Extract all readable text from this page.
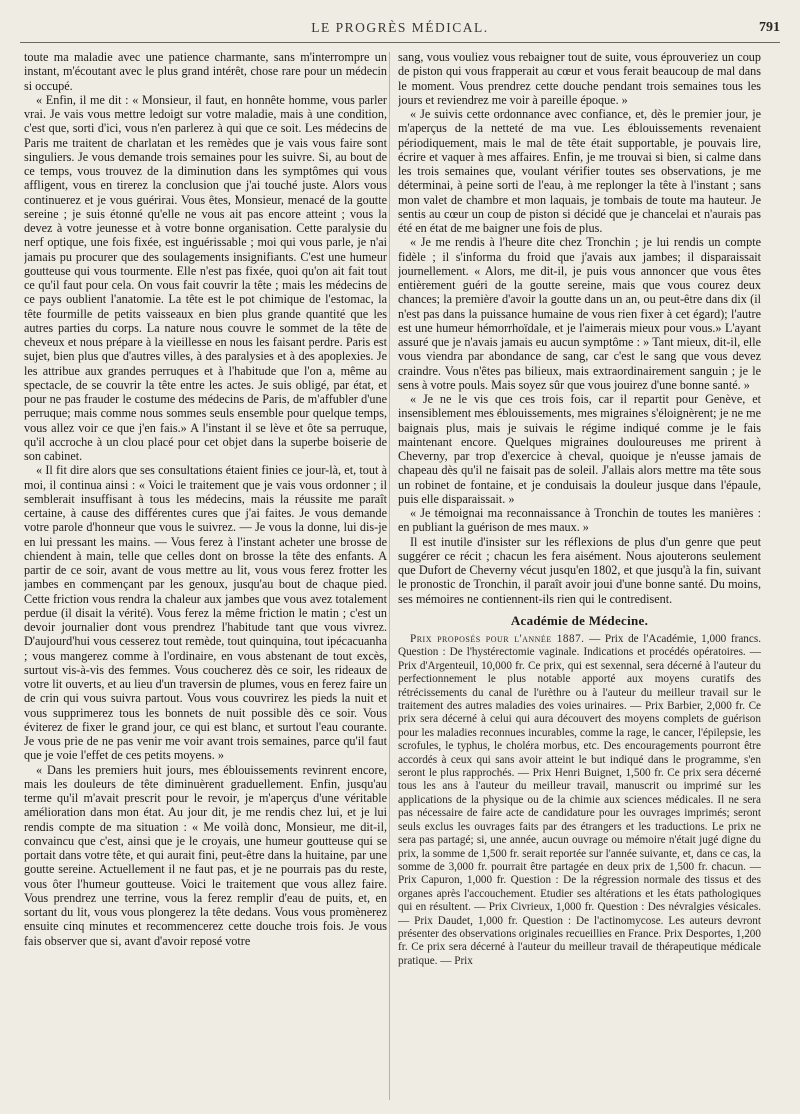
LE PROGRÈS MÉDICAL.	791

toute ma maladie avec une patience charmante, sans m'interrompre un instant, m'écoutant avec le plus grand intérêt, chose rare pour un médecin si occupé.

« Enfin, il me dit : « Monsieur, il faut, en honnête homme, vous parler vrai. Je vais vous mettre ledoigt sur votre maladie, mais à une condition, c'est que, sorti d'ici, vous n'en parlerez à qui que ce soit. Les médecins de Paris me traitent de charlatan et les remèdes que je vais vous faire sont singuliers. Je vous demande trois semaines pour les suivre. Si, au bout de ce temps, vous trouvez de la diminution dans les symptômes qui vous affligent, vous en tirerez la conclusion que j'ai touché juste. Alors vous continuerez et je vous guérirai. Vous êtes, Monsieur, menacé de la goutte sereine ; je suis étonné qu'elle ne vous ait pas encore atteint ; vous la devez à votre jeunesse et à votre bonne organisation. Cette paralysie du nerf optique, une fois fixée, est inguérissable ; moi qui vous parle, je n'ai jamais pu procurer que des soulagements insignifiants. C'est une humeur goutteuse qui vous tourmente. Elle n'est pas fixée, quoi qu'on ait fait tout ce qu'il faut pour cela. On vous fait couvrir la tête ; mais les médecins de ce pays oublient l'anatomie. La tête est le pot chimique de l'estomac, la tête fourmille de petits vaisseaux en bien plus grande quantité que les autres parties du corps. La nature nous couvre le sommet de la tête de cheveux et nous prépare à la vieillesse en nous les faisant perdre. Paris est sujet, bien plus que d'autres villes, à des paralysies et à des apoplexies. Je les attribue aux grandes perruques et à l'habitude que l'on a, même au spectacle, de se couvrir la tête entre les actes. Je suis obligé, par état, et pour ne pas frauder le costume des médecins de Paris, de m'affubler d'une perruque; mais comme nous sommes seuls ensemble pour quelque temps, vous allez voir ce que j'en fais.» A l'instant il se lève et ôte sa perruque, qu'il accroche à un clou placé pour cet objet dans la superbe boiserie de son cabinet.

« Il fit dire alors que ses consultations étaient finies ce jour-là, et, tout à moi, il continua ainsi : « Voici le traitement que je vais vous ordonner ; il semblerait insuffisant à tous les médecins, mais la réussite me paraît certaine, à cause des différentes cures que j'ai faites. Je vous demande votre parole d'honneur que vous le suivrez. — Je vous la donne, lui dis-je en lui pressant les mains. — Vous ferez à l'instant acheter une brosse de chiendent à main, telle que celles dont on brosse la tête des enfants. A partir de ce soir, avant de vous mettre au lit, vous vous ferez frotter les jambes en commençant par les genoux, jusqu'au bout de chaque pied. Cette friction vous rendra la chaleur aux jambes que vous avez totalement perdue (il disait la vérité). Vous ferez la même friction le matin ; c'est un devoir journalier dont vous prendrez l'habitude tant que vous vivrez. D'aujourd'hui vous cesserez tout remède, tout quinquina, tout ipécacuanha ; vous mangerez comme à l'ordinaire, en vous abstenant de tout excès, surtout vis-à-vis des femmes. Vous coucherez dès ce soir, les rideaux de votre lit ouverts, et au lieu d'un traversin de plumes, vous en ferez faire un de crin qui vous suivra partout. Vous vous couvrirez les pieds la nuit et vous supprimerez tous les bonnets de nuit possible dès ce soir. Vous éviterez de fixer le grand jour, ce qui est blanc, et surtout l'eau courante. Je vous prie de ne pas venir me voir avant trois semaines, parce qu'il faut que je voie l'effet de ces petits moyens. »

« Dans les premiers huit jours, mes éblouissements revinrent encore, mais les douleurs de tête diminuèrent graduellement. Enfin, jusqu'au terme qu'il m'avait prescrit pour le revoir, je m'aperçus d'une véritable amélioration dans mon état. Au jour dit, je me rendis chez lui, et je lui rendis compte de ma situation : « Me voilà donc, Monsieur, me dit-il, convaincu que c'est, ainsi que je le croyais, une humeur goutteuse qui se portait dans votre tête, et qui aurait fini, peut-être dans la huitaine, par une goutte sereine. Actuellement il ne faut pas, et je ne pourrais pas du reste, vous ôter l'humeur goutteuse. Voici le traitement que vous allez faire. Vous prendrez une terrine, vous la ferez remplir d'eau de puits, et, en sortant du lit, vous vous plongerez la tête dedans. Vous vous promènerez ensuite cinq minutes et recommencerez cette douche trois fois. Je vous fais observer que si, avant d'avoir reposé votre

sang, vous vouliez vous rebaigner tout de suite, vous éprouveriez un coup de piston qui vous frapperait au cœur et vous ferait beaucoup de mal dans le moment. Vous prendrez cette douche pendant trois semaines tous les jours et reviendrez me voir à pareille époque. »

« Je suivis cette ordonnance avec confiance, et, dès le premier jour, je m'aperçus de la netteté de ma vue. Les éblouissements revenaient périodiquement, mais le mal de tête était supportable, je pouvais lire, écrire et vaquer à mes affaires. Enfin, je me trouvai si bien, si calme dans les trois semaines que, voulant vérifier toutes ses observations, je me déterminai, à peine sorti de l'eau, à me replonger la tête à l'instant ; sans mon valet de chambre et mon laquais, je tombais de toute ma hauteur. Je sentis au cœur un coup de piston si décidé que je chancelai et n'aurais pas été en état de me baigner une fois de plus.

« Je me rendis à l'heure dite chez Tronchin ; je lui rendis un compte fidèle ; il s'informa du froid que j'avais aux jambes; il disparaissait journellement. « Alors, me dit-il, je puis vous annoncer que vous êtes entièrement guéri de la goutte sereine, mais que vous courez deux chances; la première d'avoir la goutte dans un an, ou peut-être dans dix (il n'est pas dans la puissance humaine de vous rien fixer à cet égard); l'autre est une humeur hémorrhoïdale, et je l'aimerais mieux pour vous.» L'ayant assuré que je n'avais jamais eu aucun symptôme : » Tant mieux, dit-il, elle vous viendra par abondance de sang, car c'est le sang que vous devez craindre. Vous n'êtes pas bilieux, mais extraordinairement sanguin ; je le sens à votre pouls. Mais soyez sûr que vous jouirez d'une bonne santé. »

« Je ne le vis que ces trois fois, car il repartit pour Genève, et insensiblement mes éblouissements, mes migraines s'éloignèrent; je ne me baignais plus, mais je suivais le régime indiqué comme je le fais maintenant encore. Quelques migraines douloureuses me prirent à Cheverny, par trop d'exercice à cheval, quoique je n'eusse jamais de chapeau dès qu'il ne faisait pas de soleil. J'allais alors mettre ma tête sous un robinet de fontaine, et je conduisais la douleur jusque dans l'épaule, puis elle disparaissait. »

« Je témoignai ma reconnaissance à Tronchin de toutes les manières : en publiant la guérison de mes maux. »

Il est inutile d'insister sur les réflexions de plus d'un genre que peut suggérer ce récit ; chacun les fera aisément. Nous ajouterons seulement que Dufort de Cheverny vécut jusqu'en 1802, et que jusqu'à la fin, suivant le pronostic de Tronchin, il paraît avoir joui d'une bonne santé. Du moins, ses mémoires ne contiennent-ils rien qui le contredisent.

Académie de Médecine.

Prix proposés pour l'année 1887. — Prix de l'Académie, 1,000 francs. Question : De l'hystérectomie vaginale. Indications et procédés opératoires. — Prix d'Argenteuil, 10,000 fr. Ce prix, qui est sexennal, sera décerné à l'auteur du perfectionnement le plus notable apporté aux moyens curatifs des rétrécissements du canal de l'urèthre ou à l'auteur du meilleur travail sur le traitement des autres maladies des voies urinaires. — Prix Barbier, 2,000 fr. Ce prix sera décerné à celui qui aura découvert des moyens complets de guérison pour les maladies reconnues incurables, comme la rage, le cancer, l'épilepsie, les scrofules, le typhus, le choléra morbus, etc. Des encouragements pourront être accordés à ceux qui sans avoir atteint le but indiqué dans le programme, s'en seront le plus rapprochés. — Prix Henri Buignet, 1,500 fr. Ce prix sera décerné tous les ans à l'auteur du meilleur travail, manuscrit ou imprimé sur les applications de la physique ou de la chimie aux sciences médicales. Il ne sera pas nécessaire de faire acte de candidature pour les ouvrages imprimés; seront seuls exclus les ouvrages faits par des étrangers et les traductions. Le prix ne sera pas partagé; si, une année, aucun ouvrage ou mémoire n'était jugé digne du prix, la somme de 1,500 fr. serait reportée sur l'année suivante, et, dans ce cas, la somme de 3,000 fr. pourrait être partagée en deux prix de 1,500 fr. chacun. — Prix Capuron, 1,000 fr. Question : De la régression normale des tissus et des organes après l'accouchement. Etudier ses altérations et les états pathologiques qui en résultent. — Prix Civrieux, 1,000 fr. Question : Des névralgies vésicales. — Prix Daudet, 1,000 fr. Question : De l'actinomycose. Les auteurs devront présenter des observations originales recueillies en France. Prix Desportes, 1,200 fr. Ce prix sera décerné à l'auteur du meilleur travail de thérapeutique médicale pratique. — Prix
